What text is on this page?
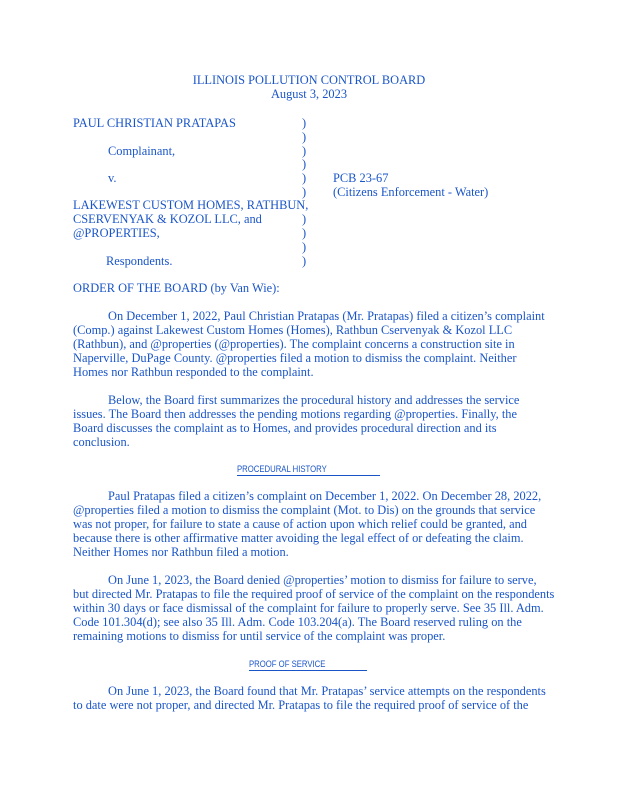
ILLINOIS POLLUTION CONTROL BOARD
August 3, 2023
PAUL CHRISTIAN PRATAPAS
Complainant,
v.
LAKEWEST CUSTOM HOMES, RATHBUN,
CSERVENYAK & KOZOL LLC, and
@PROPERTIES,
Respondents.
)
)
)
)
)
)
)
)
)
)
PCB 23-67
(Citizens Enforcement - Water)
ORDER OF THE BOARD (by Van Wie):
On December 1, 2022, Paul Christian Pratapas (Mr. Pratapas) filed a citizen’s complaint
(Comp.) against Lakewest Custom Homes (Homes), Rathbun Cservenyak & Kozol LLC
(Rathbun), and @properties (@properties). The complaint concerns a construction site in
Naperville, DuPage County. @properties filed a motion to dismiss the complaint. Neither
Homes nor Rathbun responded to the complaint.
Below, the Board first summarizes the procedural history and addresses the service
issues. The Board then addresses the pending motions regarding @properties. Finally, the
Board discusses the complaint as to Homes, and provides procedural direction and its
conclusion.
PROCEDURAL HISTORY
Paul Pratapas filed a citizen’s complaint on December 1, 2022. On December 28, 2022,
@properties filed a motion to dismiss the complaint (Mot. to Dis) on the grounds that service
was not proper, for failure to state a cause of action upon which relief could be granted, and
because there is other affirmative matter avoiding the legal effect of or defeating the claim.
Neither Homes nor Rathbun filed a motion.
On June 1, 2023, the Board denied @properties’ motion to dismiss for failure to serve,
but directed Mr. Pratapas to file the required proof of service of the complaint on the respondents
within 30 days or face dismissal of the complaint for failure to properly serve. See 35 Ill. Adm.
Code 101.304(d); see also 35 Ill. Adm. Code 103.204(a). The Board reserved ruling on the
remaining motions to dismiss for until service of the complaint was proper.
PROOF OF SERVICE
On June 1, 2023, the Board found that Mr. Pratapas’ service attempts on the respondents
to date were not proper, and directed Mr. Pratapas to file the required proof of service of the
